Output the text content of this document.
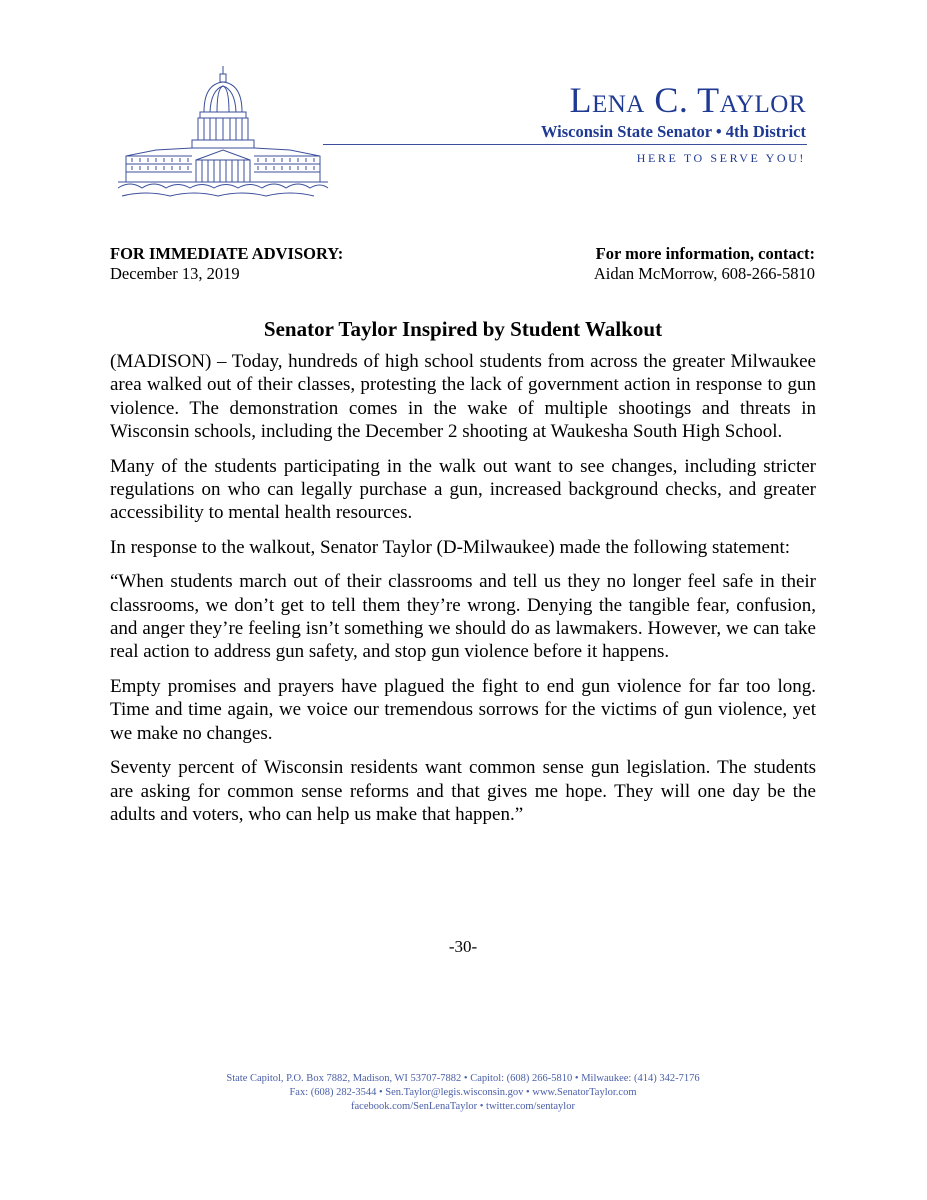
Lena C. Taylor
Wisconsin State Senator • 4th District
HERE TO SERVE YOU!
FOR IMMEDIATE ADVISORY:
December 13, 2019
For more information, contact:
Aidan McMorrow, 608-266-5810
Senator Taylor Inspired by Student Walkout

(MADISON) – Today, hundreds of high school students from across the greater Milwaukee area walked out of their classes, protesting the lack of government action in response to gun violence. The demonstration comes in the wake of multiple shootings and threats in Wisconsin schools, including the December 2 shooting at Waukesha South High School.

Many of the students participating in the walk out want to see changes, including stricter regulations on who can legally purchase a gun, increased background checks, and greater accessibility to mental health resources.

In response to the walkout, Senator Taylor (D-Milwaukee) made the following statement:

“When students march out of their classrooms and tell us they no longer feel safe in their classrooms, we don’t get to tell them they’re wrong. Denying the tangible fear, confusion, and anger they’re feeling isn’t something we should do as lawmakers. However, we can take real action to address gun safety, and stop gun violence before it happens.

Empty promises and prayers have plagued the fight to end gun violence for far too long. Time and time again, we voice our tremendous sorrows for the victims of gun violence, yet we make no changes.

Seventy percent of Wisconsin residents want common sense gun legislation. The students are asking for common sense reforms and that gives me hope. They will one day be the adults and voters, who can help us make that happen.”

-30-
State Capitol, P.O. Box 7882, Madison, WI 53707-7882 • Capitol: (608) 266-5810 • Milwaukee: (414) 342-7176
Fax: (608) 282-3544 • Sen.Taylor@legis.wisconsin.gov • www.SenatorTaylor.com
facebook.com/SenLenaTaylor • twitter.com/sentaylor
